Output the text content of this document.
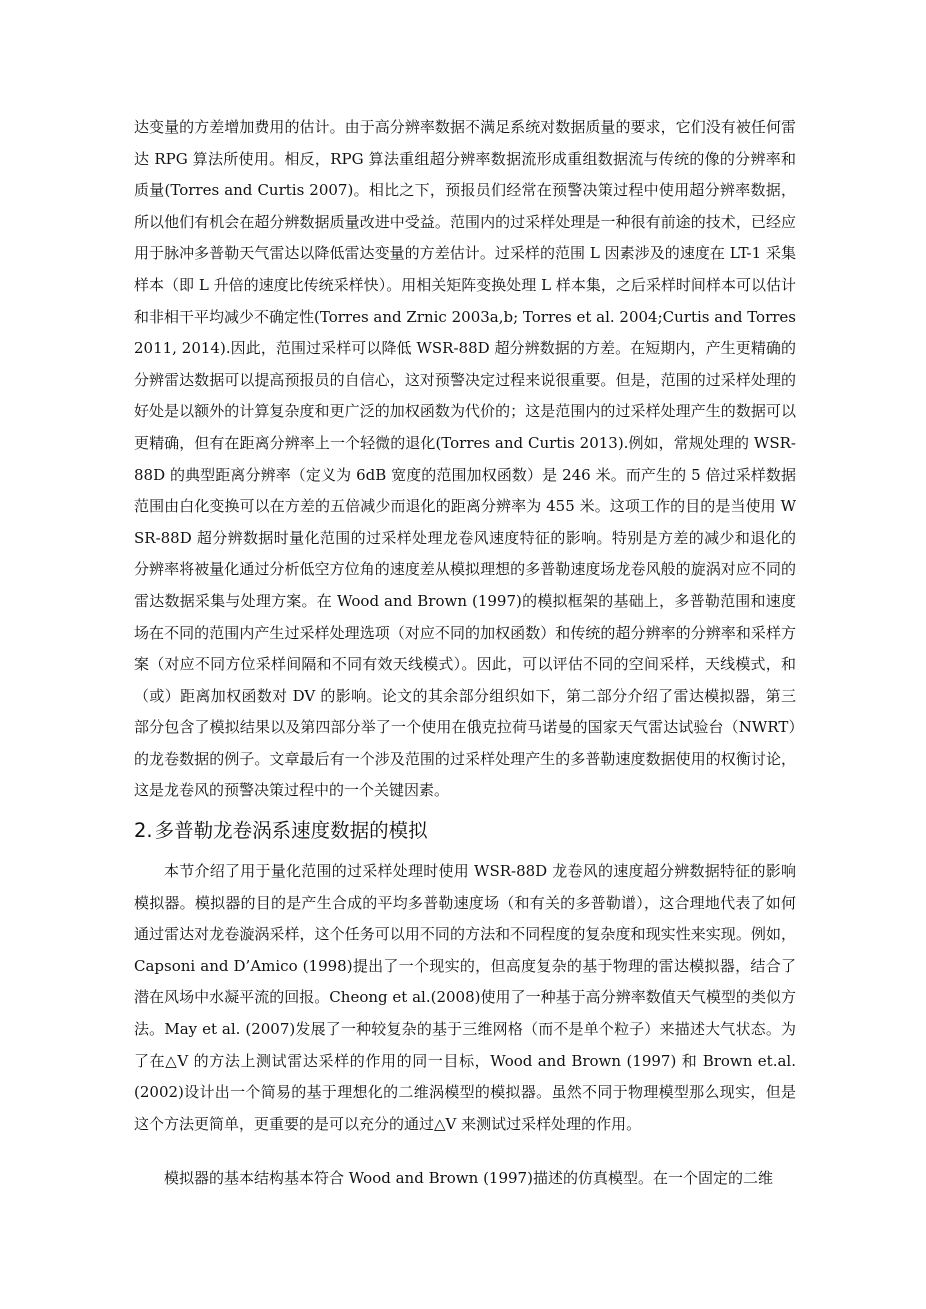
达变量的方差增加费用的估计。由于高分辨率数据不满足系统对数据质量的要求，它们没有被任何雷达 RPG 算法所使用。相反，RPG 算法重组超分辨率数据流形成重组数据流与传统的像的分辨率和质量(Torres and Curtis 2007)。相比之下，预报员们经常在预警决策过程中使用超分辨率数据，所以他们有机会在超分辨数据质量改进中受益。范围内的过采样处理是一种很有前途的技术，已经应用于脉冲多普勒天气雷达以降低雷达变量的方差估计。过采样的范围 L 因素涉及的速度在 LT-1 采集样本（即 L 升倍的速度比传统采样快）。用相关矩阵变换处理 L 样本集，之后采样时间样本可以估计和非相干平均减少不确定性(Torres and Zrnic 2003a,b; Torres et al. 2004;Curtis and Torres 2011, 2014).因此，范围过采样可以降低 WSR-88D 超分辨数据的方差。在短期内，产生更精确的分辨雷达数据可以提高预报员的自信心，这对预警决定过程来说很重要。但是，范围的过采样处理的好处是以额外的计算复杂度和更广泛的加权函数为代价的；这是范围内的过采样处理产生的数据可以更精确，但有在距离分辨率上一个轻微的退化(Torres and Curtis 2013).例如，常规处理的 WSR-88D 的典型距离分辨率（定义为 6dB 宽度的范围加权函数）是 246 米。而产生的 5 倍过采样数据范围由白化变换可以在方差的五倍减少而退化的距离分辨率为 455 米。这项工作的目的是当使用 WSR-88D 超分辨数据时量化范围的过采样处理龙卷风速度特征的影响。特别是方差的减少和退化的分辨率将被量化通过分析低空方位角的速度差从模拟理想的多普勒速度场龙卷风般的旋涡对应不同的雷达数据采集与处理方案。在 Wood and Brown (1997)的模拟框架的基础上，多普勒范围和速度场在不同的范围内产生过采样处理选项（对应不同的加权函数）和传统的超分辨率的分辨率和采样方案（对应不同方位采样间隔和不同有效天线模式）。因此，可以评估不同的空间采样，天线模式，和（或）距离加权函数对 DV 的影响。论文的其余部分组织如下，第二部分介绍了雷达模拟器，第三部分包含了模拟结果以及第四部分举了一个使用在俄克拉荷马诺曼的国家天气雷达试验台（NWRT）的龙卷数据的例子。文章最后有一个涉及范围的过采样处理产生的多普勒速度数据使用的权衡讨论，这是龙卷风的预警决策过程中的一个关键因素。

2. 多普勒龙卷涡系速度数据的模拟

本节介绍了用于量化范围的过采样处理时使用 WSR-88D 龙卷风的速度超分辨数据特征的影响模拟器。模拟器的目的是产生合成的平均多普勒速度场（和有关的多普勒谱），这合理地代表了如何通过雷达对龙卷漩涡采样，这个任务可以用不同的方法和不同程度的复杂度和现实性来实现。例如，Capsoni and D’Amico (1998)提出了一个现实的，但高度复杂的基于物理的雷达模拟器，结合了潜在风场中水凝平流的回报。Cheong et al.(2008)使用了一种基于高分辨率数值天气模型的类似方法。May et al. (2007)发展了一种较复杂的基于三维网格（而不是单个粒子）来描述大气状态。为了在△V 的方法上测试雷达采样的作用的同一目标，Wood and Brown (1997) 和 Brown et.al. (2002)设计出一个简易的基于理想化的二维涡模型的模拟器。虽然不同于物理模型那么现实，但是这个方法更简单，更重要的是可以充分的通过△V 来测试过采样处理的作用。

模拟器的基本结构基本符合 Wood and Brown (1997)描述的仿真模型。在一个固定的二维
